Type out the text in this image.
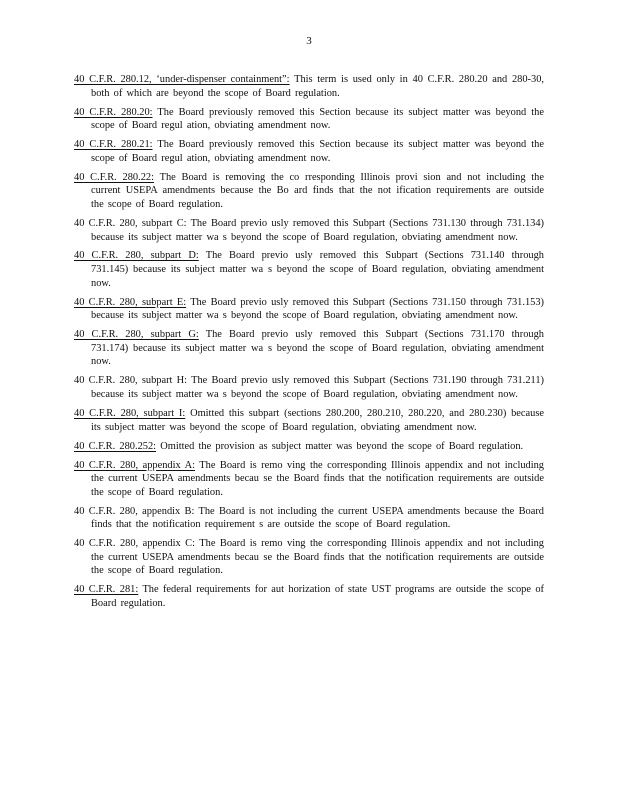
3

40 C.F.R. 280.12, ‘under-dispenser containment”: This term is used only in 40 C.F.R. 280.20 and 280-30, both of which are beyond the scope of Board regulation.

40 C.F.R. 280.20: The Board previously removed this Section because its subject matter was beyond the scope of Board regul ation, obviating amendment now.

40 C.F.R. 280.21: The Board previously removed this Section because its subject matter was beyond the scope of Board regul ation, obviating amendment now.

40 C.F.R. 280.22: The Board is removing the co rresponding Illinois provi sion and not including the current USEPA amendments because the Bo ard finds that the not ification requirements are outside the scope of Board regulation.

40 C.F.R. 280, subpart C: The Board previo usly removed this Subpart (Sections 731.130 through 731.134) because its subject matter wa s beyond the scope of Board regulation, obviating amendment now.

40 C.F.R. 280, subpart D: The Board previo usly removed this Subpart (Sections 731.140 through 731.145) because its subject matter wa s beyond the scope of Board regulation, obviating amendment now.

40 C.F.R. 280, subpart E: The Board previo usly removed this Subpart (Sections 731.150 through 731.153) because its subject matter wa s beyond the scope of Board regulation, obviating amendment now.

40 C.F.R. 280, subpart G: The Board previo usly removed this Subpart (Sections 731.170 through 731.174) because its subject matter wa s beyond the scope of Board regulation, obviating amendment now.

40 C.F.R. 280, subpart H: The Board previo usly removed this Subpart (Sections 731.190 through 731.211) because its subject matter wa s beyond the scope of Board regulation, obviating amendment now.

40 C.F.R. 280, subpart I: Omitted this subpart (sections 280.200, 280.210, 280.220, and 280.230) because its subject matter was beyond the scope of Board regulation, obviating amendment now.

40 C.F.R. 280.252: Omitted the provision as subject matter was beyond the scope of Board regulation.

40 C.F.R. 280, appendix A: The Board is remo ving the corresponding Illinois appendix and not including the current USEPA amendments becau se the Board finds that the notification requirements are outside the scope of Board regulation.

40 C.F.R. 280, appendix B: The Board is not including the current USEPA amendments because the Board finds that the notification requirement s are outside the scope of Board regulation.

40 C.F.R. 280, appendix C: The Board is remo ving the corresponding Illinois appendix and not including the current USEPA amendments becau se the Board finds that the notification requirements are outside the scope of Board regulation.

40 C.F.R. 281: The federal requirements for aut horization of state UST programs are outside the scope of Board regulation.
